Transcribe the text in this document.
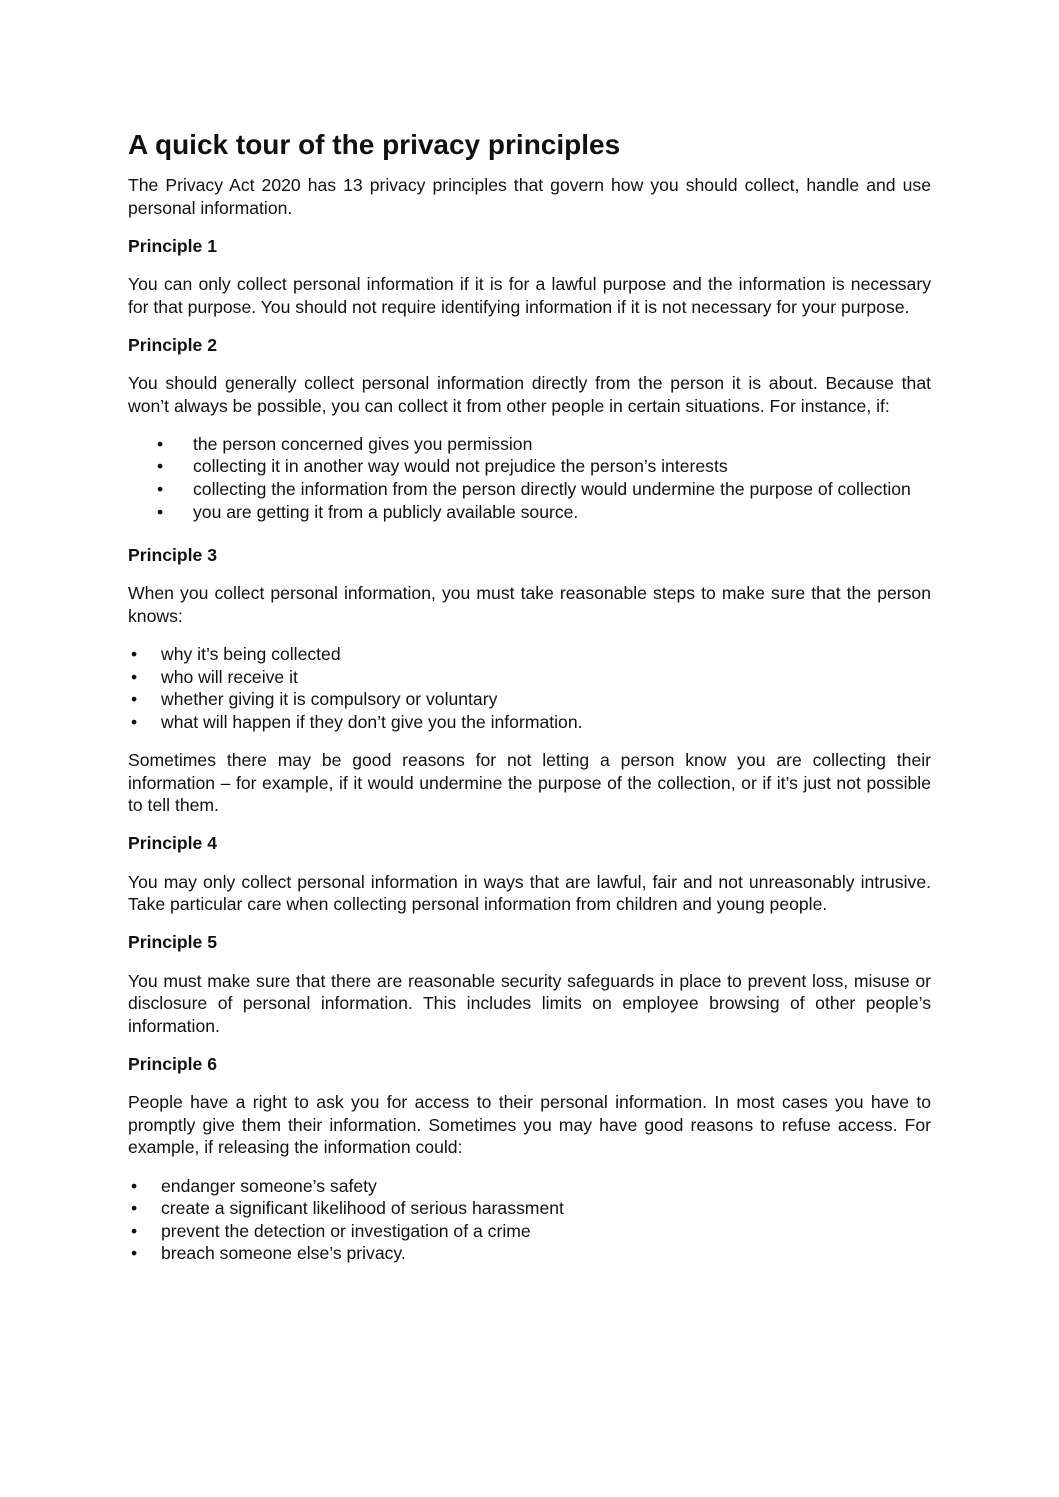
A quick tour of the privacy principles

The Privacy Act 2020 has 13 privacy principles that govern how you should collect, handle and use personal information.

Principle 1

You can only collect personal information if it is for a lawful purpose and the information is necessary for that purpose. You should not require identifying information if it is not necessary for your purpose.

Principle 2

You should generally collect personal information directly from the person it is about. Because that won’t always be possible, you can collect it from other people in certain situations. For instance, if:

• the person concerned gives you permission
• collecting it in another way would not prejudice the person’s interests
• collecting the information from the person directly would undermine the purpose of collection
• you are getting it from a publicly available source.
Principle 3

When you collect personal information, you must take reasonable steps to make sure that the person knows:

• why it’s being collected
• who will receive it
• whether giving it is compulsory or voluntary
• what will happen if they don’t give you the information.

Sometimes there may be good reasons for not letting a person know you are collecting their information – for example, if it would undermine the purpose of the collection, or if it’s just not possible to tell them.

Principle 4

You may only collect personal information in ways that are lawful, fair and not unreasonably intrusive. Take particular care when collecting personal information from children and young people.

Principle 5

You must make sure that there are reasonable security safeguards in place to prevent loss, misuse or disclosure of personal information. This includes limits on employee browsing of other people’s information.

Principle 6

People have a right to ask you for access to their personal information. In most cases you have to promptly give them their information. Sometimes you may have good reasons to refuse access. For example, if releasing the information could:

• endanger someone’s safety
• create a significant likelihood of serious harassment
• prevent the detection or investigation of a crime
• breach someone else’s privacy.
